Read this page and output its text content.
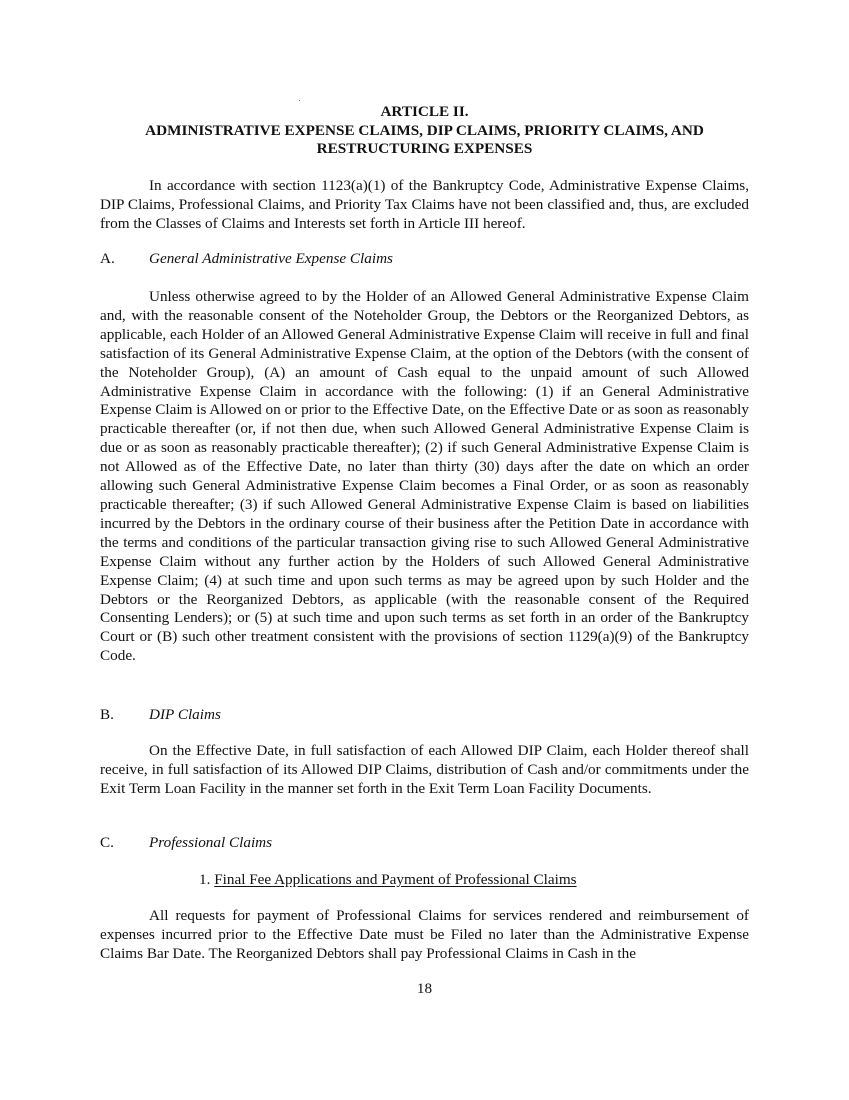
ARTICLE II.
ADMINISTRATIVE EXPENSE CLAIMS, DIP CLAIMS, PRIORITY CLAIMS, AND
RESTRUCTURING EXPENSES

In accordance with section 1123(a)(1) of the Bankruptcy Code, Administrative Expense Claims, DIP Claims, Professional Claims, and Priority Tax Claims have not been classified and, thus, are excluded from the Classes of Claims and Interests set forth in Article III hereof.

A. General Administrative Expense Claims

Unless otherwise agreed to by the Holder of an Allowed General Administrative Expense Claim and, with the reasonable consent of the Noteholder Group, the Debtors or the Reorganized Debtors, as applicable, each Holder of an Allowed General Administrative Expense Claim will receive in full and final satisfaction of its General Administrative Expense Claim, at the option of the Debtors (with the consent of the Noteholder Group), (A) an amount of Cash equal to the unpaid amount of such Allowed Administrative Expense Claim in accordance with the following: (1) if an General Administrative Expense Claim is Allowed on or prior to the Effective Date, on the Effective Date or as soon as reasonably practicable thereafter (or, if not then due, when such Allowed General Administrative Expense Claim is due or as soon as reasonably practicable thereafter); (2) if such General Administrative Expense Claim is not Allowed as of the Effective Date, no later than thirty (30) days after the date on which an order allowing such General Administrative Expense Claim becomes a Final Order, or as soon as reasonably practicable thereafter; (3) if such Allowed General Administrative Expense Claim is based on liabilities incurred by the Debtors in the ordinary course of their business after the Petition Date in accordance with the terms and conditions of the particular transaction giving rise to such Allowed General Administrative Expense Claim without any further action by the Holders of such Allowed General Administrative Expense Claim; (4) at such time and upon such terms as may be agreed upon by such Holder and the Debtors or the Reorganized Debtors, as applicable (with the reasonable consent of the Required Consenting Lenders); or (5) at such time and upon such terms as set forth in an order of the Bankruptcy Court or (B) such other treatment consistent with the provisions of section 1129(a)(9) of the Bankruptcy Code.

B. DIP Claims

On the Effective Date, in full satisfaction of each Allowed DIP Claim, each Holder thereof shall receive, in full satisfaction of its Allowed DIP Claims, distribution of Cash and/or commitments under the Exit Term Loan Facility in the manner set forth in the Exit Term Loan Facility Documents.

C. Professional Claims
1. Final Fee Applications and Payment of Professional Claims

All requests for payment of Professional Claims for services rendered and reimbursement of expenses incurred prior to the Effective Date must be Filed no later than the Administrative Expense Claims Bar Date. The Reorganized Debtors shall pay Professional Claims in Cash in the

18
